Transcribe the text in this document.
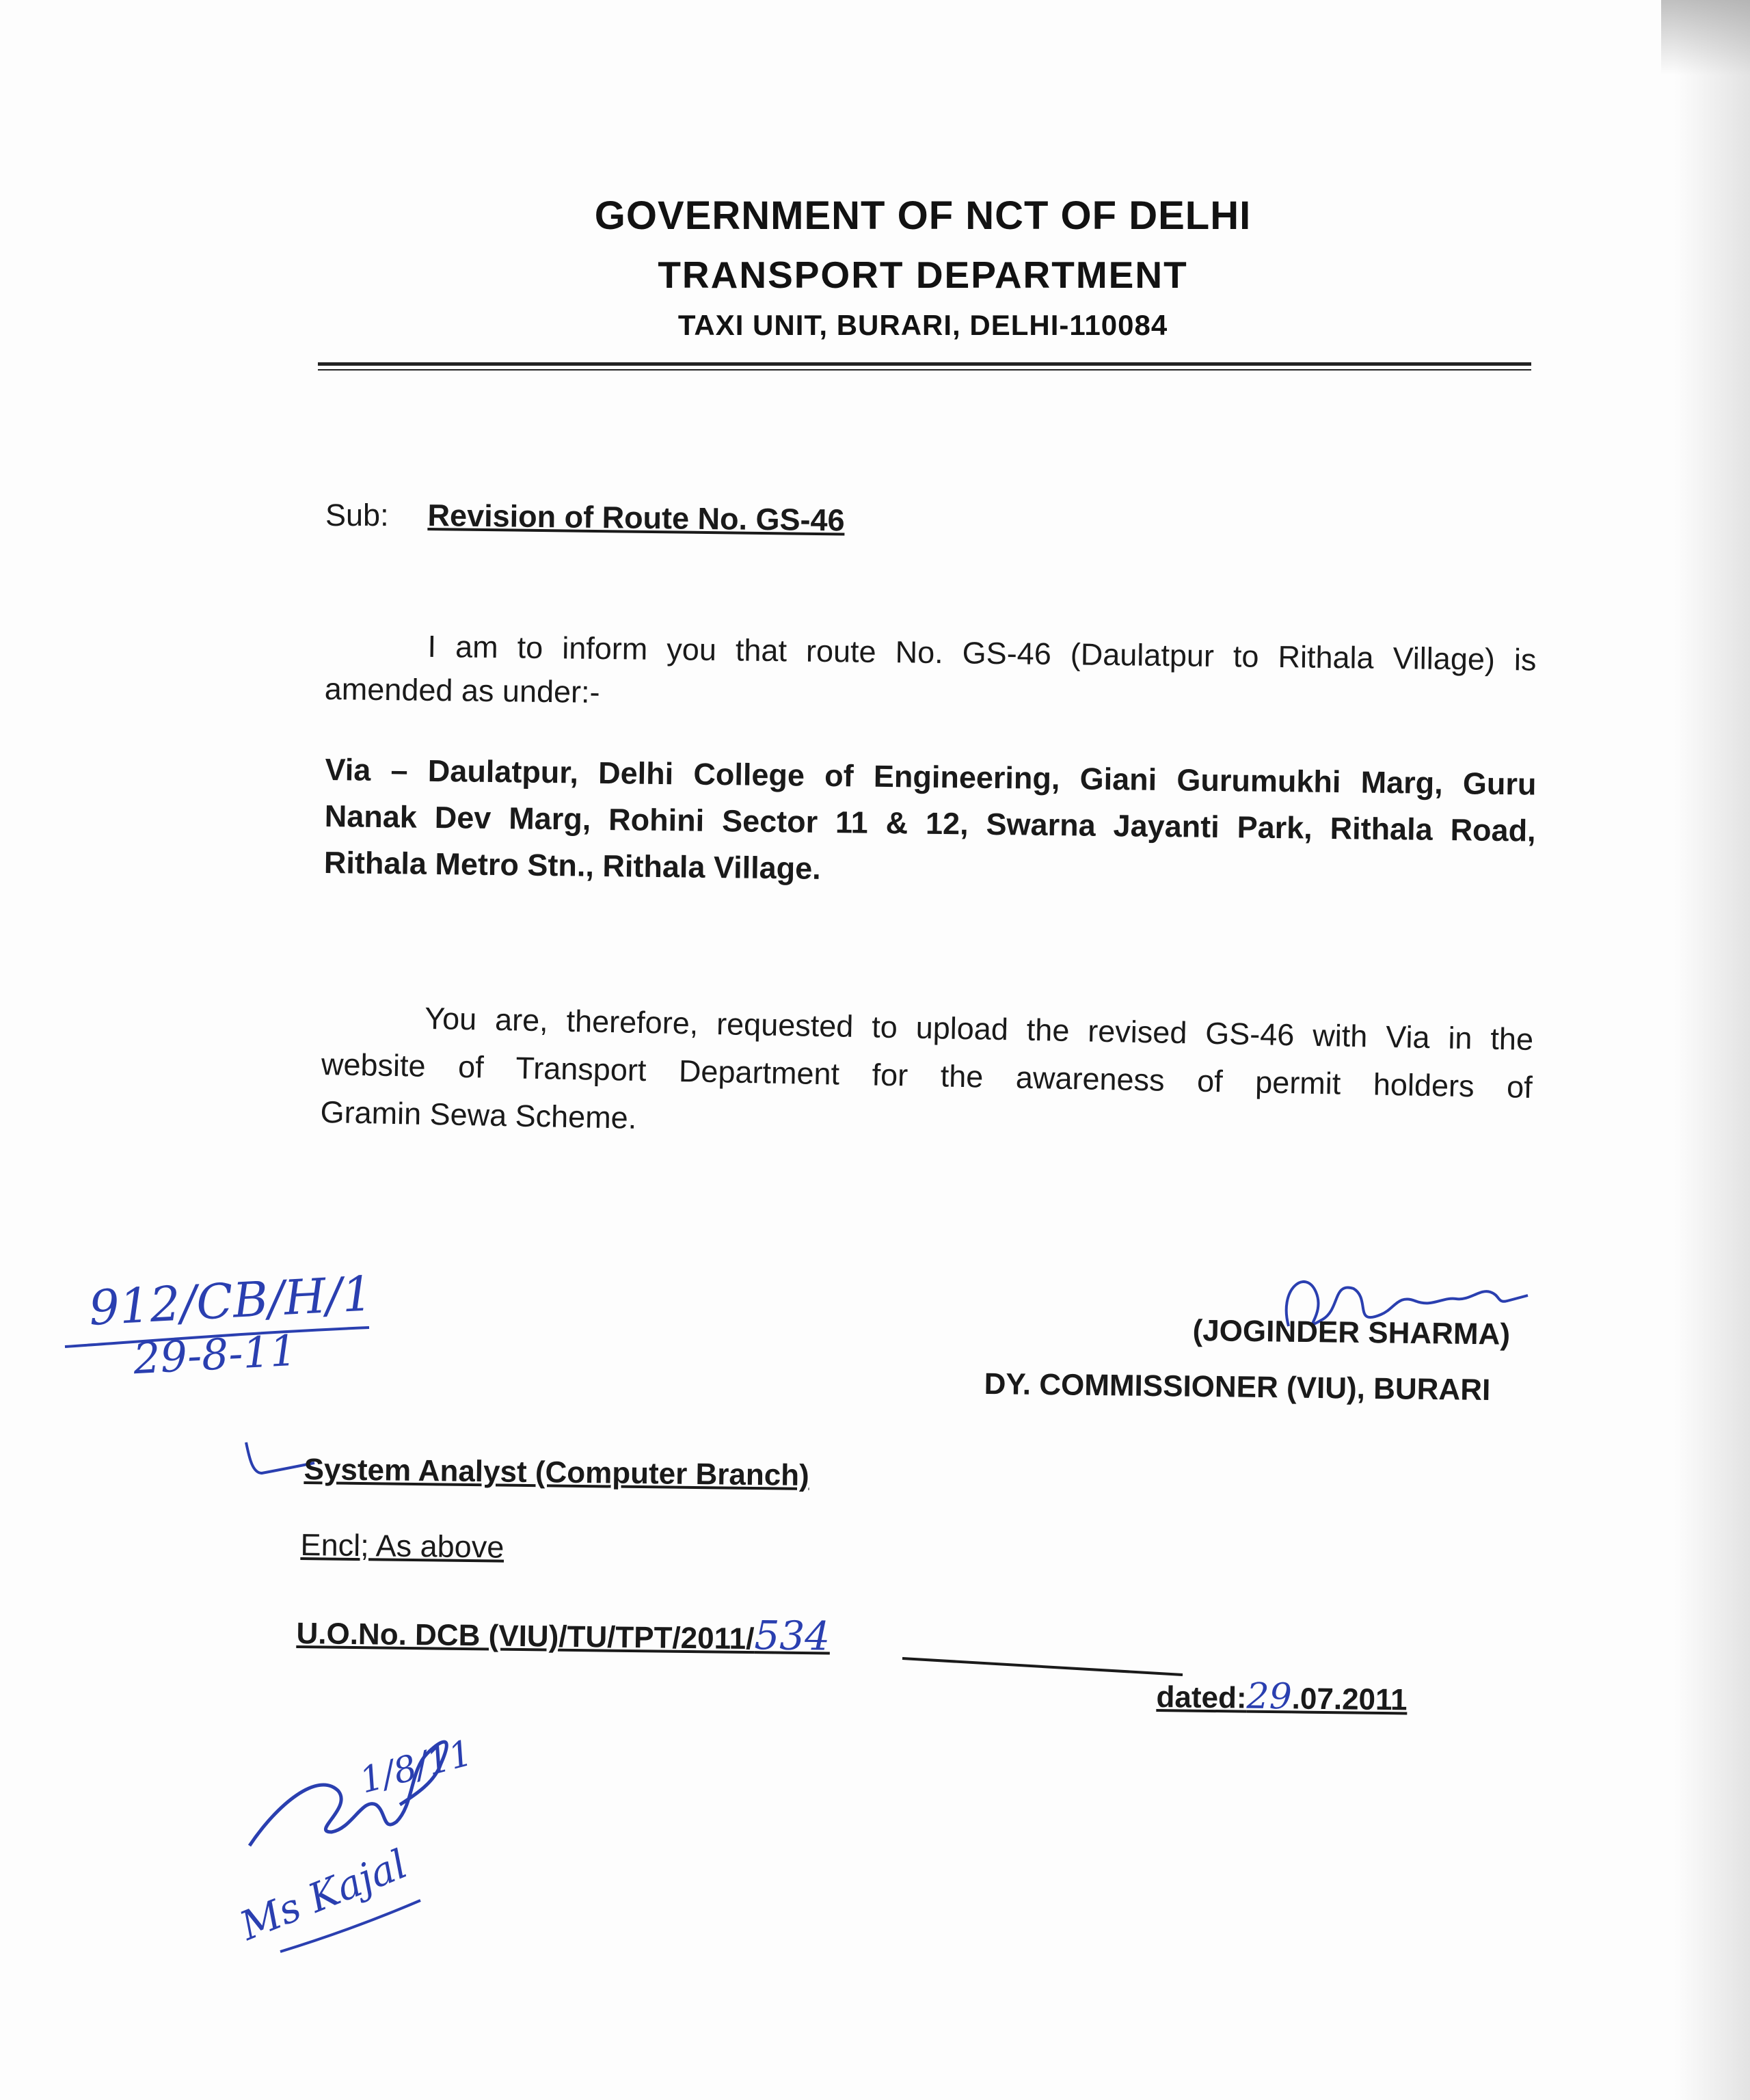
GOVERNMENT OF NCT OF DELHI
TRANSPORT DEPARTMENT
TAXI UNIT, BURARI, DELHI-110084
Sub: Revision of Route No. GS-46
I am to inform you that route No. GS-46 (Daulatpur to Rithala Village) is
amended as under:-
Via – Daulatpur, Delhi College of Engineering, Giani Gurumukhi Marg, Guru
Nanak Dev Marg, Rohini Sector 11 & 12, Swarna Jayanti Park, Rithala Road,
Rithala Metro Stn., Rithala Village.
You are, therefore, requested to upload the revised GS-46 with Via in the
website of Transport Department for the awareness of permit holders of
Gramin Sewa Scheme.
912/CB/H/1
29-8-11	(JOGINDER SHARMA)
DY. COMMISSIONER (VIU), BURARI
System Analyst (Computer Branch)
Encl; As above
U.O.No. DCB (VIU)/TU/TPT/2011/534
dated:29.07.2011
1/8/11
Ms Kajal
